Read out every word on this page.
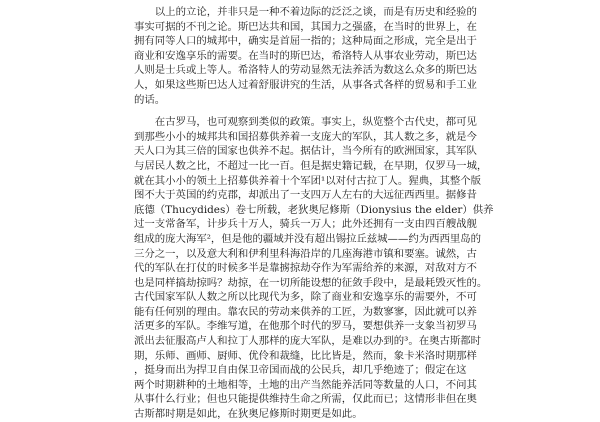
以上的立论，并非只是一种不着边际的泛泛之谈，而是有历史和经验的
事实可据的不刊之论。斯巴达共和国，其国力之强盛，在当时的世界上，在
拥有同等人口的城邦中，确实是首屈一指的；这种局面之形成，完全是出于
商业和安逸享乐的需要。在当时的斯巴达，希洛特人从事农业劳动，斯巴达
人则是士兵或上等人。希洛特人的劳动显然无法养活为数这么众多的斯巴达
人，如果这些斯巴达人过着舒服讲究的生活，从事各式各样的贸易和手工业
的话。

在古罗马，也可观察到类似的政策。事实上，纵览整个古代史，都可见
到那些小小的城邦共和国招募供养着一支庞大的军队，其人数之多，就是今
天人口为其三倍的国家也供养不起。据估计，当今所有的欧洲国家，其军队
与居民人数之比，不超过一比一百。但是据史籍记载，在早期，仅罗马一城，
就在其小小的领土上招募供养着十个军团¹以对付古拉丁人。猩典，其整个版
图不大于英国的约克郡，却派出了一支四万人左右的大远征西西里。据修昔
底德（Thucydides）卷七所载，老狄奥尼修斯（Dionysius the elder）供养
过一支常备军，计步兵十万人，骑兵一万人；此外还拥有一支由四百艘战舰
组成的庞大海军²，但是他的疆域并没有超出锡拉丘兹城——约为西西里岛的
三分之一，以及意大利和伊利里科海沿岸的几座海港市镇和要塞。诚然，古
代的军队在打仗的时候多半是靠掳掠劫夺作为军需给养的来源，对敌对方不
也是同样搞劫掠吗？劫掠，在一切所能设想的征敛手段中，是最耗毁灭性的。
古代国家军队人数之所以比现代为多，除了商业和安逸享乐的需要外，不可
能有任何别的理由。靠农民的劳动来供养的工匠，为数寥寥，因此就可以养
活更多的军队。李维写道，在他那个时代的罗马，要想供养一支象当初罗马
派出去征服高卢人和拉丁人那样的庞大军队，是难以办到的³。在奥古斯都时
期，乐师、画师、厨师、优伶和裁缝，比比皆是，然而，象卡米洛时期那样
，挺身而出为捍卫自由保卫帝国而战的公民兵，却几乎绝迹了；假定在这
两个时期耕种的土地相等，土地的出产当然能养活同等数量的人口，不问其
从事什么行业；但也只能提供维持生命之所需，仅此而已；这情形非但在奥
古斯都时期是如此，在狄奥尼修斯时期更是如此。
